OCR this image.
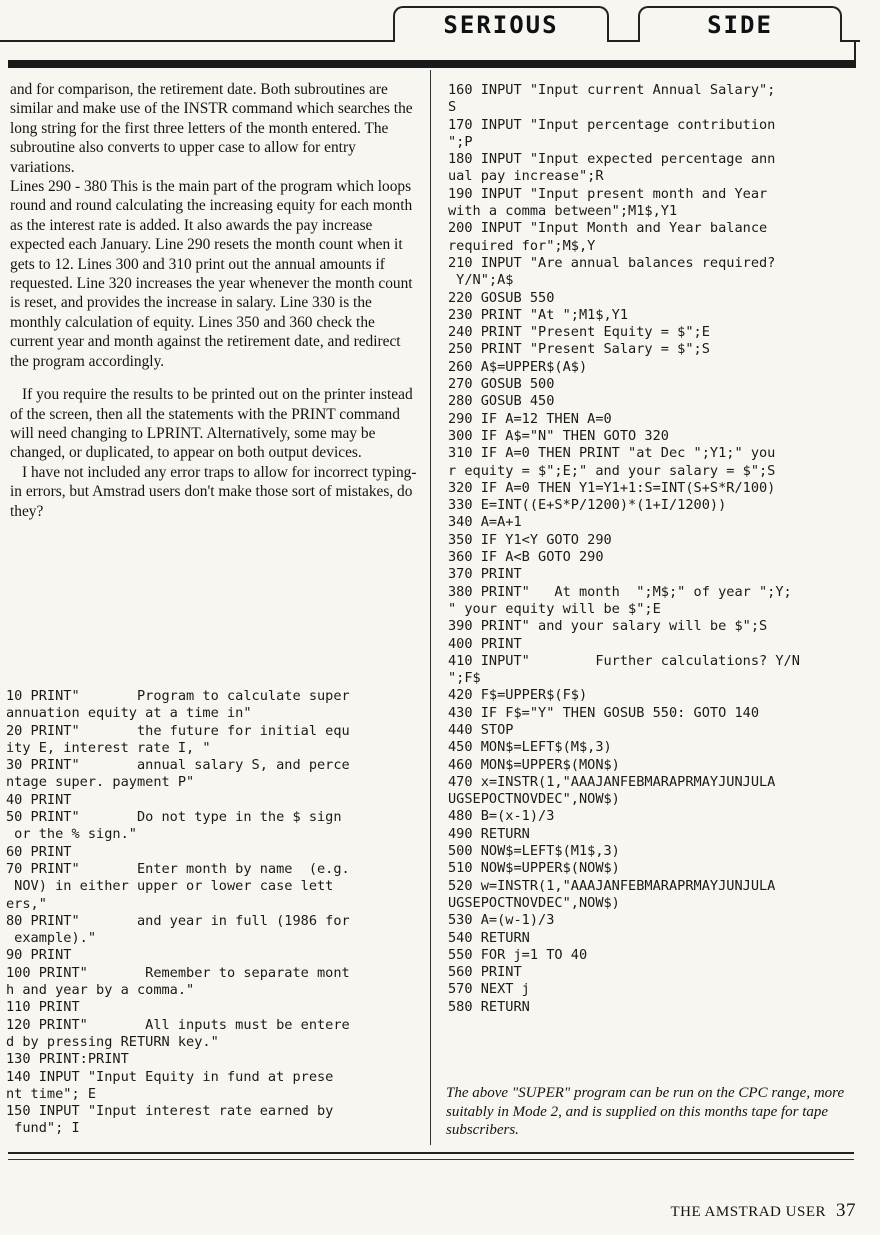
SERIOUS	SIDE

and for comparison, the retirement date. Both subroutines are similar and make use of the INSTR command which searches the long string for the first three letters of the month entered. The subroutine also converts to upper case to allow for entry variations.

Lines 290 - 380 This is the main part of the program which loops round and round calculating the increasing equity for each month as the interest rate is added. It also awards the pay increase expected each January. Line 290 resets the month count when it gets to 12. Lines 300 and 310 print out the annual amounts if requested. Line 320 increases the year whenever the month count is reset, and provides the increase in salary. Line 330 is the monthly calculation of equity. Lines 350 and 360 check the current year and month against the retirement date, and redirect the program accordingly.

If you require the results to be printed out on the printer instead of the screen, then all the statements with the PRINT command will need changing to LPRINT. Alternatively, some may be changed, or duplicated, to appear on both output devices.

I have not included any error traps to allow for incorrect typing-in errors, but Amstrad users don't make those sort of mistakes, do they?

10 PRINT"       Program to calculate super
annuation equity at a time in"
20 PRINT"       the future for initial equ
ity E, interest rate I, "
30 PRINT"       annual salary S, and perce
ntage super. payment P"
40 PRINT
50 PRINT"       Do not type in the $ sign
or the % sign."
60 PRINT
70 PRINT"       Enter month by name  (e.g.
NOV) in either upper or lower case lett
ers,"
80 PRINT"       and year in full (1986 for
example)."
90 PRINT
100 PRINT"       Remember to separate mont
h and year by a comma."
110 PRINT
120 PRINT"       All inputs must be entere
d by pressing RETURN key."
130 PRINT:PRINT
140 INPUT "Input Equity in fund at prese
nt time"; E
150 INPUT "Input interest rate earned by
fund"; I
160 INPUT "Input current Annual Salary";
S
170 INPUT "Input percentage contribution
";P
180 INPUT "Input expected percentage ann
ual pay increase";R
190 INPUT "Input present month and Year
with a comma between";M1$,Y1
200 INPUT "Input Month and Year balance
required for";M$,Y
210 INPUT "Are annual balances required?
Y/N";A$
220 GOSUB 550
230 PRINT "At ";M1$,Y1
240 PRINT "Present Equity = $";E
250 PRINT "Present Salary = $";S
260 A$=UPPER$(A$)
270 GOSUB 500
280 GOSUB 450
290 IF A=12 THEN A=0
300 IF A$="N" THEN GOTO 320
310 IF A=0 THEN PRINT "at Dec ";Y1;" you
r equity = $";E;" and your salary = $";S
320 IF A=0 THEN Y1=Y1+1:S=INT(S+S*R/100)
330 E=INT((E+S*P/1200)*(1+I/1200))
340 A=A+1
350 IF Y1<Y GOTO 290
360 IF A<B GOTO 290
370 PRINT
380 PRINT"   At month  ";M$;" of year ";Y;
" your equity will be $";E
390 PRINT" and your salary will be $";S
400 PRINT
410 INPUT"        Further calculations? Y/N
";F$
420 F$=UPPER$(F$)
430 IF F$="Y" THEN GOSUB 550: GOTO 140
440 STOP
450 MON$=LEFT$(M$,3)
460 MON$=UPPER$(MON$)
470 x=INSTR(1,"AAAJANFEBMARAPRMAYJUNJULA
UGSEPOCTNOVDEC",NOW$)
480 B=(x-1)/3
490 RETURN
500 NOW$=LEFT$(M1$,3)
510 NOW$=UPPER$(NOW$)
520 w=INSTR(1,"AAAJANFEBMARAPRMAYJUNJULA
UGSEPOCTNOVDEC",NOW$)
530 A=(w-1)/3
540 RETURN
550 FOR j=1 TO 40
560 PRINT
570 NEXT j
580 RETURN

The above "SUPER" program can be run on the CPC range, more suitably in Mode 2, and is supplied on this months tape for tape subscribers.

THE AMSTRAD USER 37
